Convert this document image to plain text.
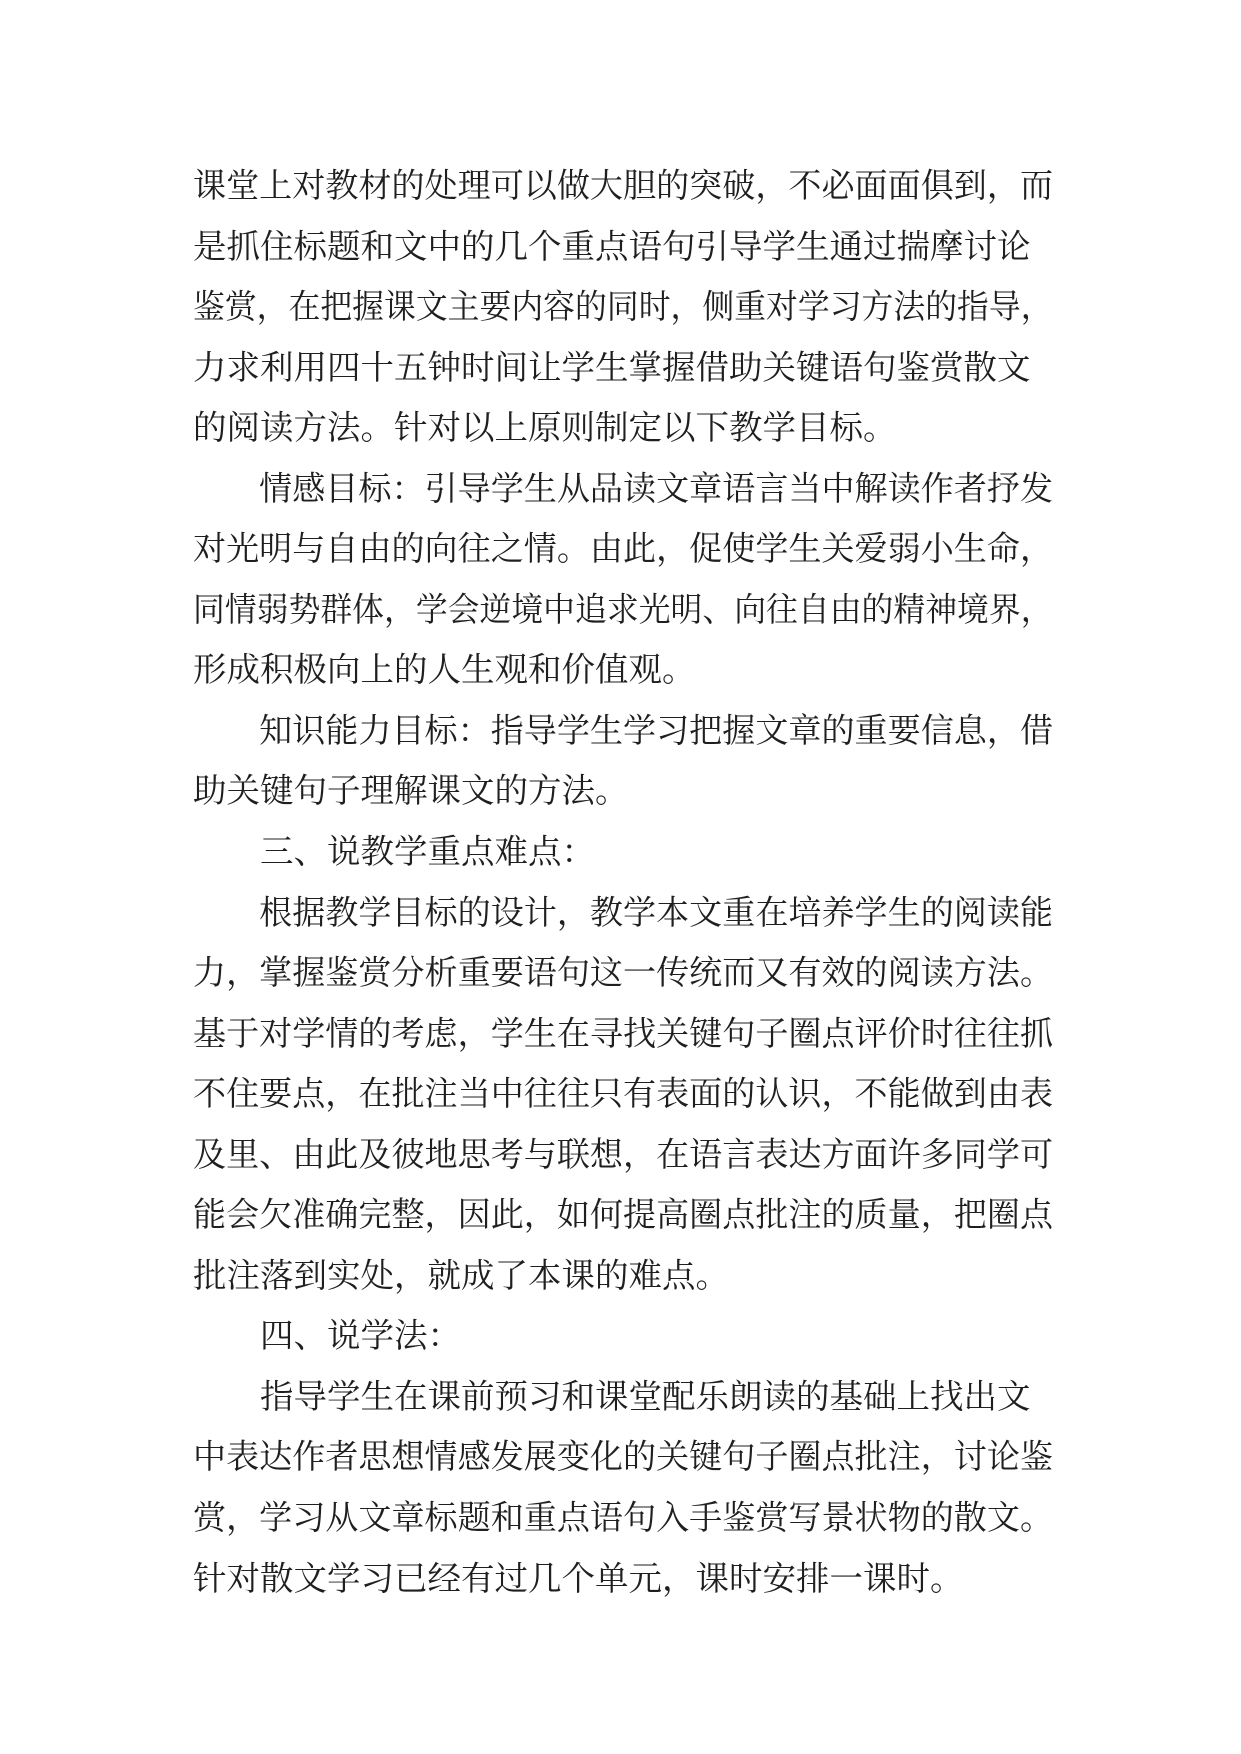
课堂上对教材的处理可以做大胆的突破，不必面面俱到，而
是抓住标题和文中的几个重点语句引导学生通过揣摩讨论
鉴赏，在把握课文主要内容的同时，侧重对学习方法的指导，
力求利用四十五钟时间让学生掌握借助关键语句鉴赏散文
的阅读方法。针对以上原则制定以下教学目标。
　　情感目标：引导学生从品读文章语言当中解读作者抒发
对光明与自由的向往之情。由此，促使学生关爱弱小生命，
同情弱势群体，学会逆境中追求光明、向往自由的精神境界，
形成积极向上的人生观和价值观。
　　知识能力目标：指导学生学习把握文章的重要信息，借
助关键句子理解课文的方法。
　　三、说教学重点难点：
　　根据教学目标的设计，教学本文重在培养学生的阅读能
力，掌握鉴赏分析重要语句这一传统而又有效的阅读方法。
基于对学情的考虑，学生在寻找关键句子圈点评价时往往抓
不住要点，在批注当中往往只有表面的认识，不能做到由表
及里、由此及彼地思考与联想，在语言表达方面许多同学可
能会欠准确完整，因此，如何提高圈点批注的质量，把圈点
批注落到实处，就成了本课的难点。
　　四、说学法：
　　指导学生在课前预习和课堂配乐朗读的基础上找出文
中表达作者思想情感发展变化的关键句子圈点批注，讨论鉴
赏，学习从文章标题和重点语句入手鉴赏写景状物的散文。
针对散文学习已经有过几个单元，课时安排一课时。
